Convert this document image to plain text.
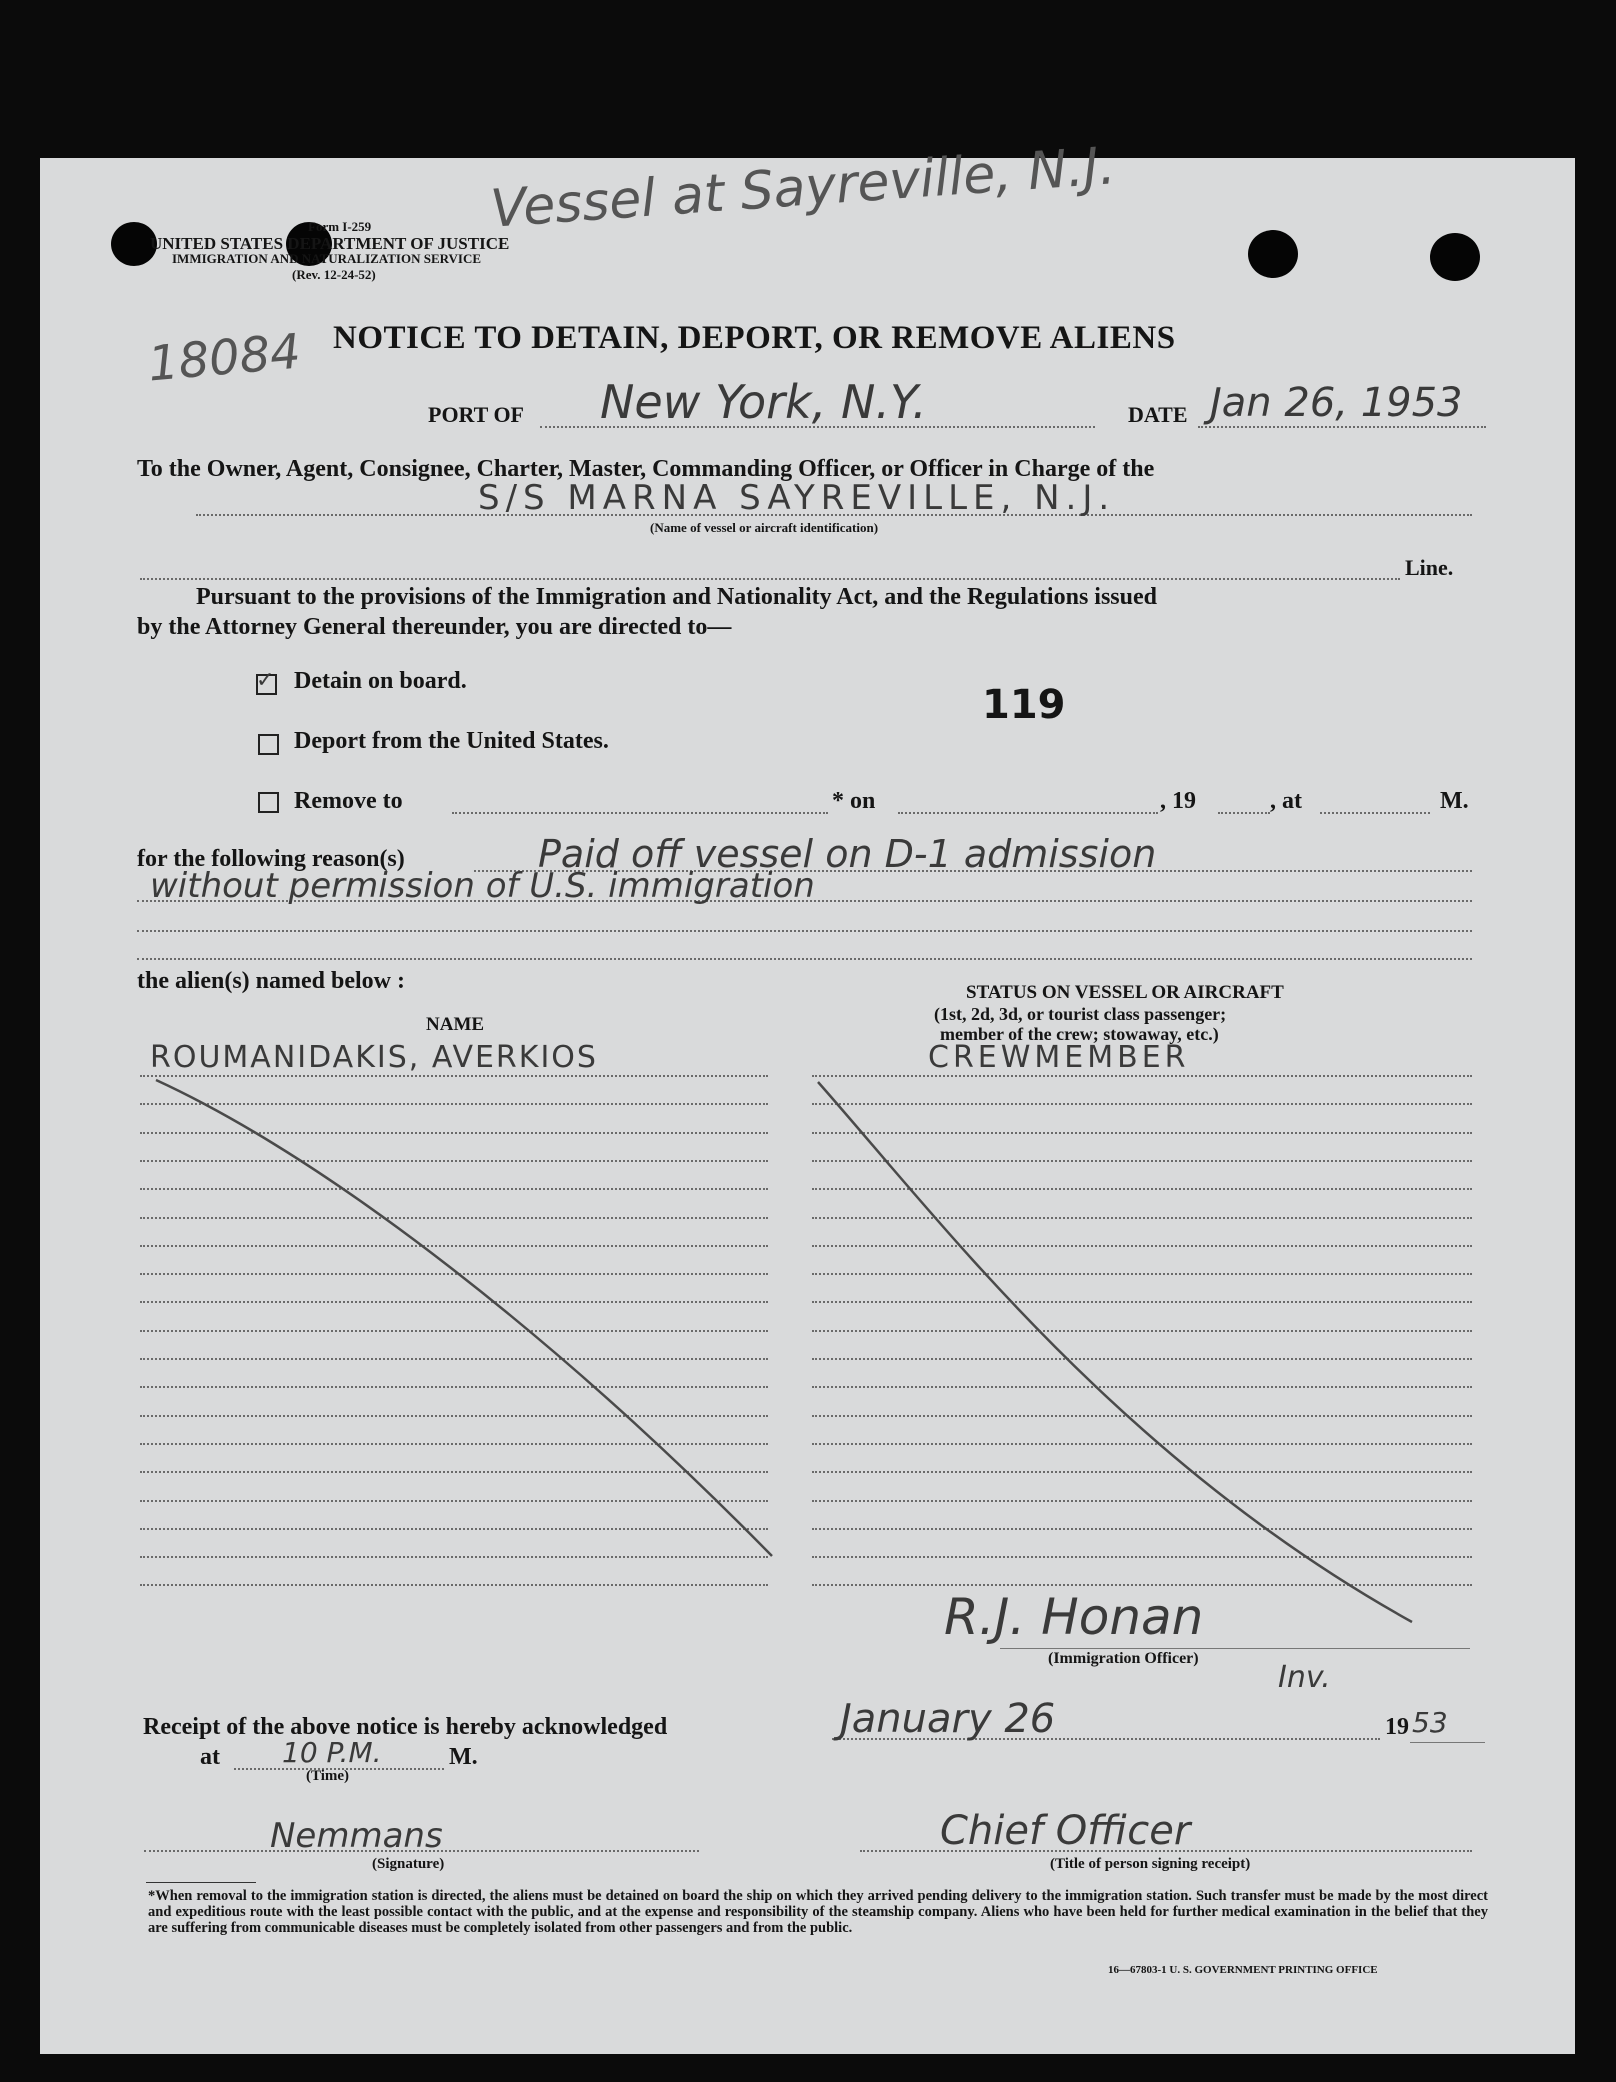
Vessel at Sayreville, N.J.
Form I-259
UNITED STATES DEPARTMENT OF JUSTICE
IMMIGRATION AND NATURALIZATION SERVICE
(Rev. 12-24-52)
18084 NOTICE TO DETAIN, DEPORT, OR REMOVE ALIENS
PORT OF New York, N.Y.	DATE Jan 26, 1953
To the Owner, Agent, Consignee, Charter, Master, Commanding Officer, or Officer in Charge of the
S/S MARNA SAYREVILLE, N.J.
(Name of vessel or aircraft identification)
Line.
Pursuant to the provisions of the Immigration and Nationality Act, and the Regulations issued
by the Attorney General thereunder, you are directed to—
✓ Detain on board.
119
Deport from the United States.
Remove to	* on	, 19	, at	M.
for the following reason(s)	Paid off vessel on D-1 admission
without permission of U.S. immigration
the alien(s) named below :	STATUS ON VESSEL OR AIRCRAFT
(1st, 2d, 3d, or tourist class passenger;
member of the crew; stowaway, etc.)
NAME
ROUMANIDAKIS, AVERKIOS	CREWMEMBER
R.J. Honan
(Immigration Officer)
Inv.
Receipt of the above notice is hereby acknowledged	January 26	19 53
at 10 P.M.
(Time)
M.
Nemmans
(Signature)
Chief Officer
(Title of person signing receipt)
*When removal to the immigration station is directed, the aliens must be detained on board the ship on which they arrived pending delivery to the immigration station. Such transfer must be made by the most direct and expeditious route with the least possible contact with the public, and at the expense and responsibility of the steamship company. Aliens who have been held for further medical examination in the belief that they are suffering from communicable diseases must be completely isolated from other passengers and from the public.
16—67803-1 U. S. GOVERNMENT PRINTING OFFICE
